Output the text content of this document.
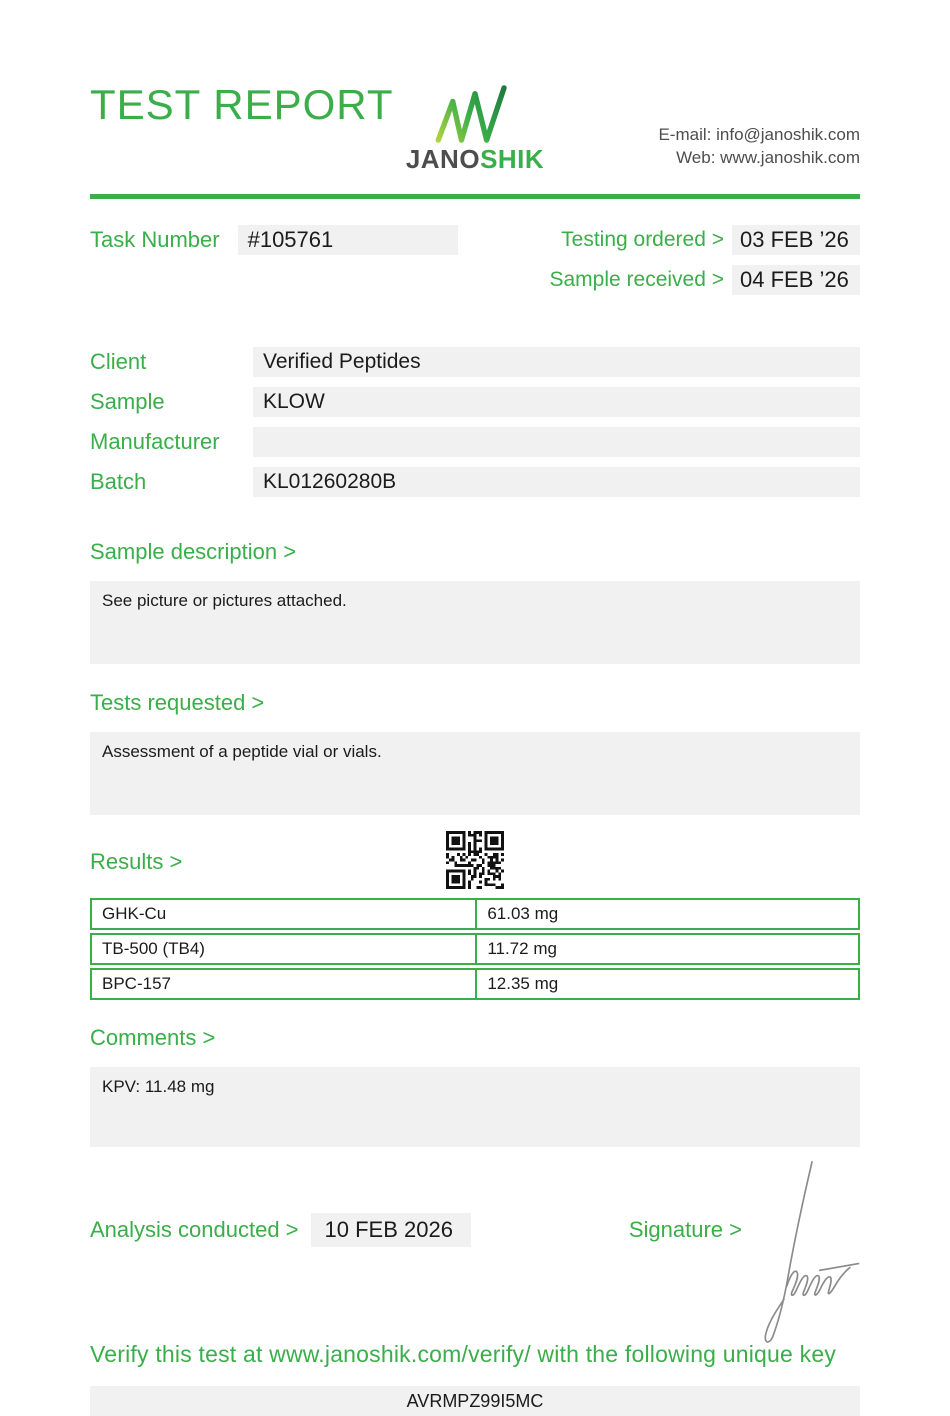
TEST REPORT
JANOSHIK
E-mail: info@janoshik.com
Web: www.janoshik.com
Task Number	#105761	Testing ordered > 03 FEB ’26
Sample received > 04 FEB ’26
Client	Verified Peptides
Sample	KLOW
Manufacturer
Batch	KL01260280B
Sample description >
See picture or pictures attached.
Tests requested >
Assessment of a peptide vial or vials.
Results >
GHK-Cu	61.03 mg
TB-500 (TB4)	11.72 mg
BPC-157	12.35 mg
Comments >
KPV: 11.48 mg
Analysis conducted >	10 FEB 2026	Signature >
Verify this test at www.janoshik.com/verify/ with the following unique key
AVRMPZ99I5MC
